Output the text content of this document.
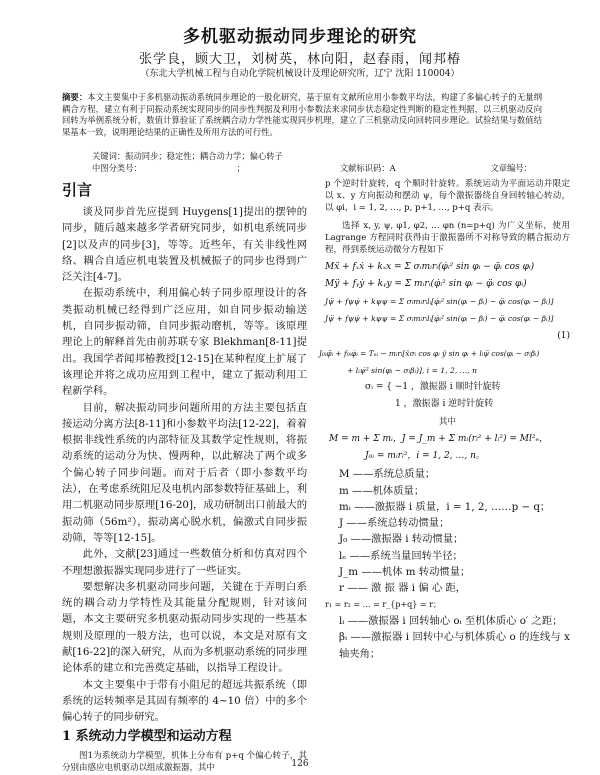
多机驱动振动同步理论的研究
张学良，顾大卫，刘树英，林向阳，赵春雨，闻邦椿
（东北大学机械工程与自动化学院机械设计及理论研究所，辽宁 沈阳 110004）
摘要：本文主要集中于多机驱动振动系统同步理论的一般化研究，基于原有文献所应用小参数平均法，构建了多偏心转子的无量纲耦合方程，建立有利于同振动系统实现同步的同步性判据及利用小参数法来求同步状态稳定性判断的稳定性判据，以三机驱动反向回转为举例系统分析，数值计算验证了系统耦合动力学性能实现同步机理，建立了三机驱动反向回转同步理论。试验结果与数值结果基本一致，说明理论结果的正确性及所用方法的可行性。
关键词：振动同步；稳定性；耦合动力学；偏心转子
中图分类号：	；	文献标识码：A	文章编号：
引言

谈及同步首先应提到 Huygens[1]提出的摆钟的同步，随后越来越多学者研究同步，如机电系统同步[2]以及声的同步[3]，等等。近些年，有关非线性网络、耦合自适应机电装置及机械振子的同步也得到广泛关注[4-7]。

在振动系统中，利用偏心转子同步原理设计的各类振动机械已经得到广泛应用，如自同步振动输送机，自同步振动筛，自同步振动磨机，等等。该原理理论上的解释首先由前苏联专家 Blekhman[8-11]提出。我国学者闻邦椿教授[12-15]在某种程度上扩展了该理论并将之成功应用到工程中，建立了振动利用工程新学科。

目前，解决振动同步问题所用的方法主要包括直接运动分离方法[8-11]和小参数平均法[12-22]，着着根据非线性系统的内部特征及其数学定性规则，将振动系统的运动分为快、慢两种，以此解决了两个或多个偏心转子同步问题。而对于后者（即小参数平均法），在考虑系统阻尼及电机内部参数特征基础上，利用二机驱动同步原理[16-20]，成功研制出口前最大的振动筛（56m²），振动离心脱水机，偏激式自同步振动筛，等等[12-15]。

此外，文献[23]通过一些数值分析和仿真对四个不理想激振器实现同步进行了一些证实。

要想解决多机驱动同步问题，关键在于弄明白系统的耦合动力学特性及其能量分配规则，针对该问题，本文主要研究多机驱动振动同步实现的一些基本规则及原理的一般方法，也可以说，本文是对原有文献[16-22]的深入研究，从而为多机驱动系统的同步理论体系的建立和完善奠定基础，以指导工程设计。

本文主要集中于带有小阻尼的超远共振系统（即系统的运转频率是其固有频率的 4~10 倍）中的多个偏心转子的同步研究。

1 系统动力学模型和运动方程

图1为系统动力学模型，机体上分布有 p+q 个偏心转子，其分别由感应电机驱动以组成激振器，其中

p 个逆时针旋转，q 个顺时针旋转。系统运动为平面运动并限定以 x、y 方向振动和摆动 ψ，每个激振器绕自身回转轴心转动，以 φi，i = 1, 2, …, p, p+1, …, p+q 表示。

选择 x, y, ψ, φ1, φ2, … φn (n=p+q) 为广义坐标，使用 Lagrange 方程同时获得由于激振器所不对称导致的耦合振动方程，得到系统运动微分方程如下

Mẍ + fₓẋ + kₓx = Σ σᵢmᵢrᵢ(φ̇ᵢ² sin φᵢ − φ̈ᵢ cos φᵢ)
Mÿ + fᵧẏ + kᵧy = Σ mᵢrᵢ(φ̇ᵢ² sin φᵢ − φ̈ᵢ cos φᵢ)
Jψ̈ + fψψ̇ + kψψ = Σ σᵢmᵢrᵢlᵢ[φ̇ᵢ² sin(φᵢ − βᵢ) − φ̈ᵢ cos(φᵢ − βᵢ)]
Jψ̈ + fψψ̇ + kψψ = Σ σᵢmᵢrᵢlᵢ[φ̇ᵢ² sin(φᵢ − βᵢ) − φ̈ᵢ cos(φᵢ − βᵢ)]
(1)
J₀ᵢφ̈ᵢ + f₀ᵢφ̇ᵢ = Tₑᵢ − mᵢrᵢ[ẍσᵢ cos φᵢ ÿ sin φᵢ + lᵢψ̈ cos(φᵢ − σᵢβᵢ)
+ lᵢψ̇² sin(φᵢ − σᵢβᵢ)], i = 1, 2, …, n
σᵢ = { −1 ，激振器 i 顺时针旋转
1 ，激振器 i 逆时针旋转
其中
M = m + Σ mᵢ，J = J_m + Σ mᵢ(rᵢ² + lᵢ²) = Ml²ₑ，
J₀ᵢ = mᵢrᵢ²，i = 1, 2, …, n。
M ——系统总质量；
m ——机体质量；
mᵢ ——激振器 i 质量，i = 1, 2, ……p − q；
J ——系统总转动惯量；
J₀ ——激振器 i 转动惯量；
lₑ ——系统当量回转半径；
J_m ——机体 m 转动惯量；
r —— 激 振 器 i 偏 心 距，
r₁ = r₂ = … = r_{p+q} = r；
lᵢ ——激振器 i 回转轴心 oᵢ 至机体质心 o′ 之距；
βᵢ ——激振器 i 回转中心与机体质心 o 的连线与 x 轴夹角；
126
